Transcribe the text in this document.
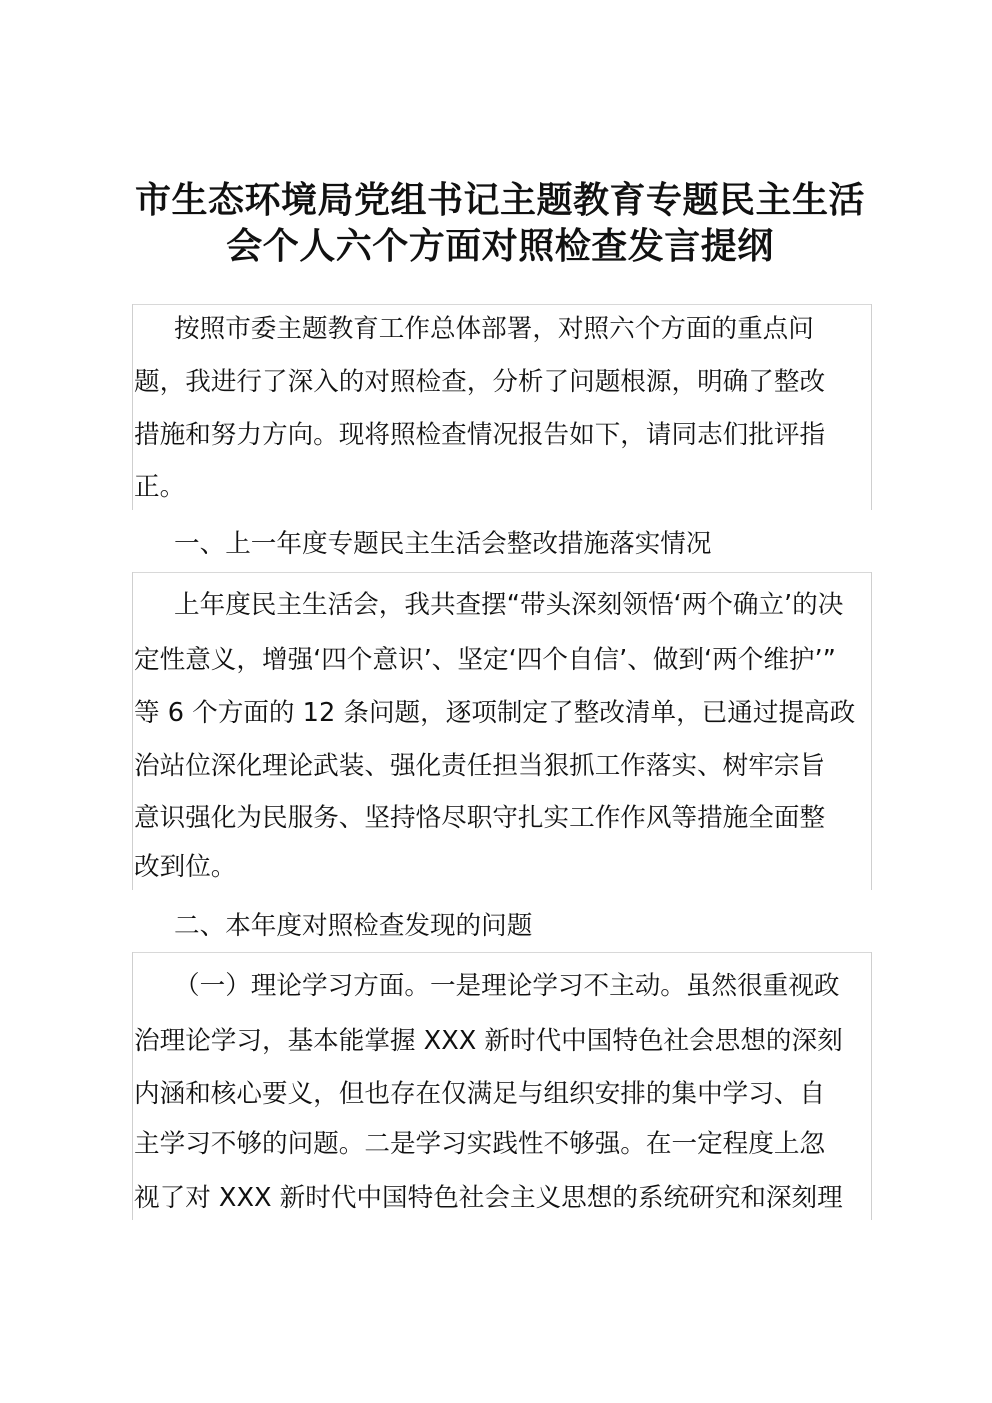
市生态环境局党组书记主题教育专题民主生活
会个人六个方面对照检查发言提纲
按照市委主题教育工作总体部署，对照六个方面的重点问
题，我进行了深入的对照检查，分析了问题根源，明确了整改
措施和努力方向。现将照检查情况报告如下，请同志们批评指
正。
一、上一年度专题民主生活会整改措施落实情况
上年度民主生活会，我共查摆“带头深刻领悟‘两个确立’的决
定性意义，增强‘四个意识’、坚定‘四个自信’、做到‘两个维护’”
等 6 个方面的 12 条问题，逐项制定了整改清单，已通过提高政
治站位深化理论武装、强化责任担当狠抓工作落实、树牢宗旨
意识强化为民服务、坚持恪尽职守扎实工作作风等措施全面整
改到位。
二、本年度对照检查发现的问题
（一）理论学习方面。一是理论学习不主动。虽然很重视政
治理论学习，基本能掌握 XXX 新时代中国特色社会思想的深刻
内涵和核心要义，但也存在仅满足与组织安排的集中学习、自
主学习不够的问题。二是学习实践性不够强。在一定程度上忽
视了对 XXX 新时代中国特色社会主义思想的系统研究和深刻理
